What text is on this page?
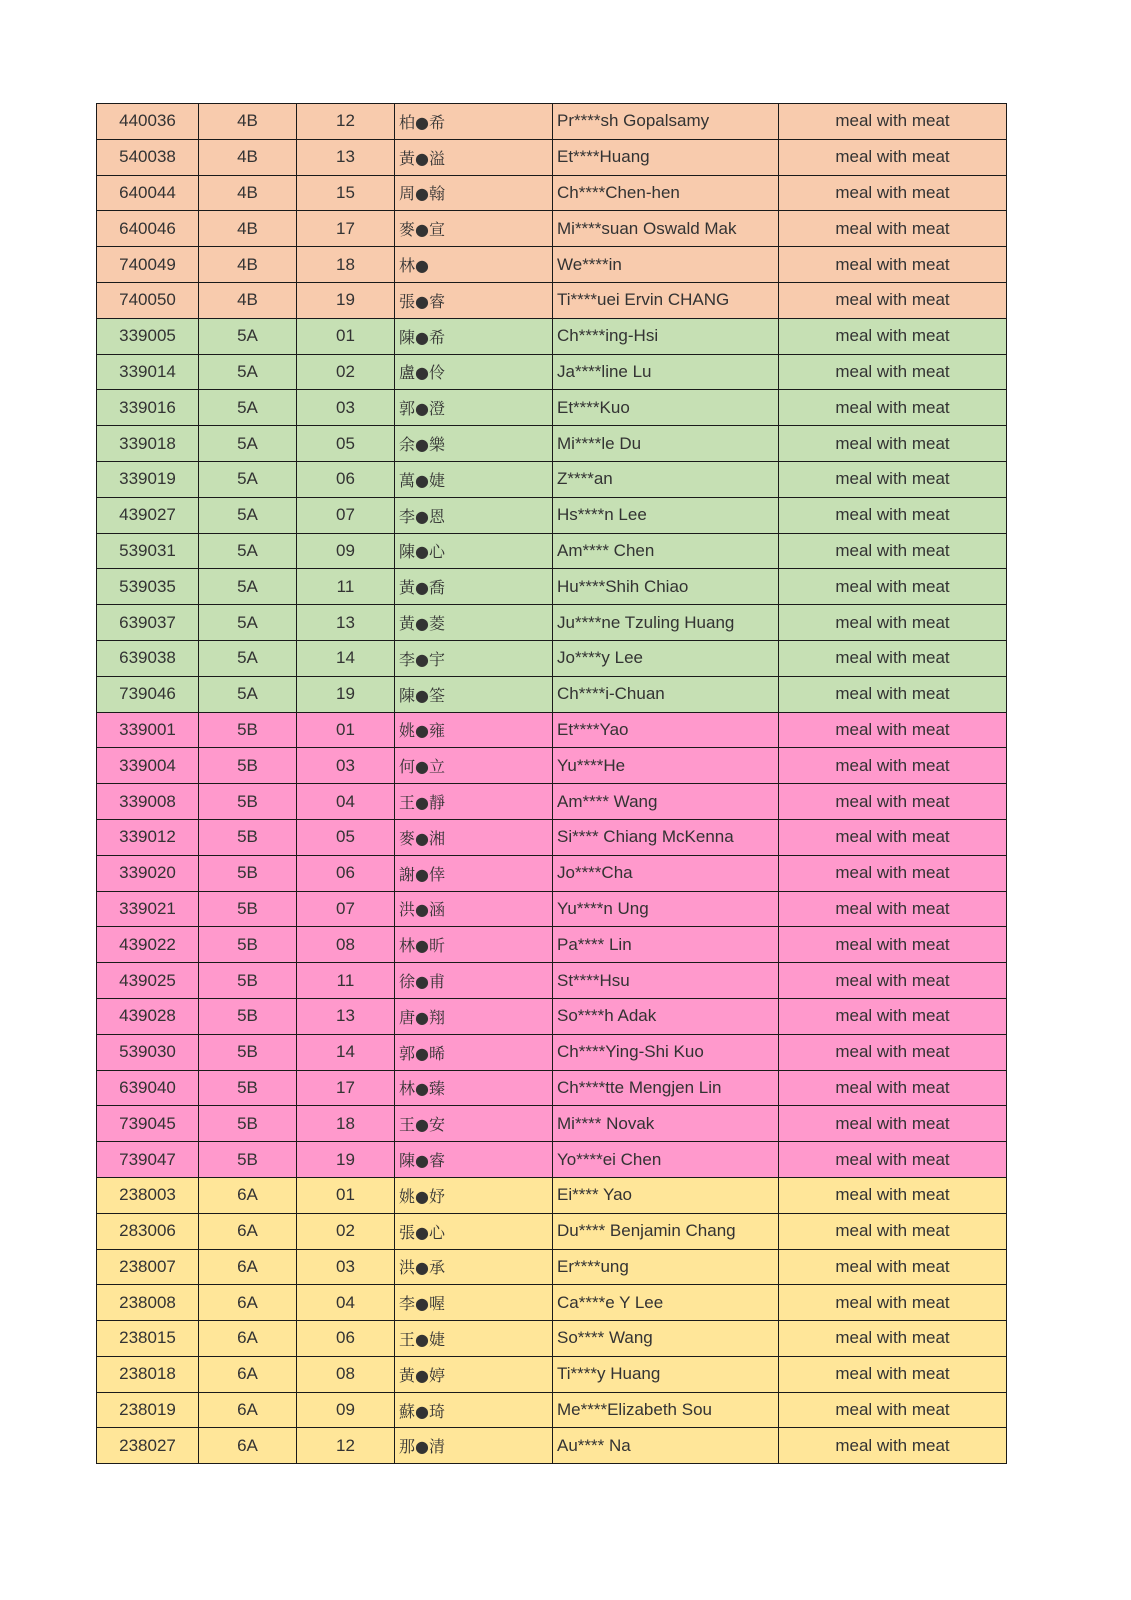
440036	4B	12	柏●希	Pr****sh Gopalsamy	meal with meat
540038	4B	13	黃●溢	Et****Huang	meal with meat
640044	4B	15	周●翰	Ch****Chen-hen	meal with meat
640046	4B	17	麥●宣	Mi****suan Oswald Mak	meal with meat
740049	4B	18	林●	We****in	meal with meat
740050	4B	19	張●睿	Ti****uei Ervin CHANG	meal with meat
339005	5A	01	陳●希	Ch****ing-Hsi	meal with meat
339014	5A	02	盧●伶	Ja****line Lu	meal with meat
339016	5A	03	郭●澄	Et****Kuo	meal with meat
339018	5A	05	余●樂	Mi****le Du	meal with meat
339019	5A	06	萬●婕	Z****an	meal with meat
439027	5A	07	李●恩	Hs****n Lee	meal with meat
539031	5A	09	陳●心	Am**** Chen	meal with meat
539035	5A	11	黃●喬	Hu****Shih Chiao	meal with meat
639037	5A	13	黃●菱	Ju****ne Tzuling Huang	meal with meat
639038	5A	14	李●宇	Jo****y Lee	meal with meat
739046	5A	19	陳●筌	Ch****i-Chuan	meal with meat
339001	5B	01	姚●雍	Et****Yao	meal with meat
339004	5B	03	何●立	Yu****He	meal with meat
339008	5B	04	王●靜	Am**** Wang	meal with meat
339012	5B	05	麥●湘	Si**** Chiang McKenna	meal with meat
339020	5B	06	謝●倖	Jo****Cha	meal with meat
339021	5B	07	洪●涵	Yu****n Ung	meal with meat
439022	5B	08	林●昕	Pa**** Lin	meal with meat
439025	5B	11	徐●甫	St****Hsu	meal with meat
439028	5B	13	唐●翔	So****h Adak	meal with meat
539030	5B	14	郭●晞	Ch****Ying-Shi Kuo	meal with meat
639040	5B	17	林●臻	Ch****tte Mengjen Lin	meal with meat
739045	5B	18	王●安	Mi**** Novak	meal with meat
739047	5B	19	陳●睿	Yo****ei Chen	meal with meat
238003	6A	01	姚●妤	Ei**** Yao	meal with meat
283006	6A	02	張●心	Du**** Benjamin Chang	meal with meat
238007	6A	03	洪●承	Er****ung	meal with meat
238008	6A	04	李●喔	Ca****e Y Lee	meal with meat
238015	6A	06	王●婕	So**** Wang	meal with meat
238018	6A	08	黃●婷	Ti****y Huang	meal with meat
238019	6A	09	蘇●琦	Me****Elizabeth Sou	meal with meat
238027	6A	12	那●清	Au**** Na	meal with meat
